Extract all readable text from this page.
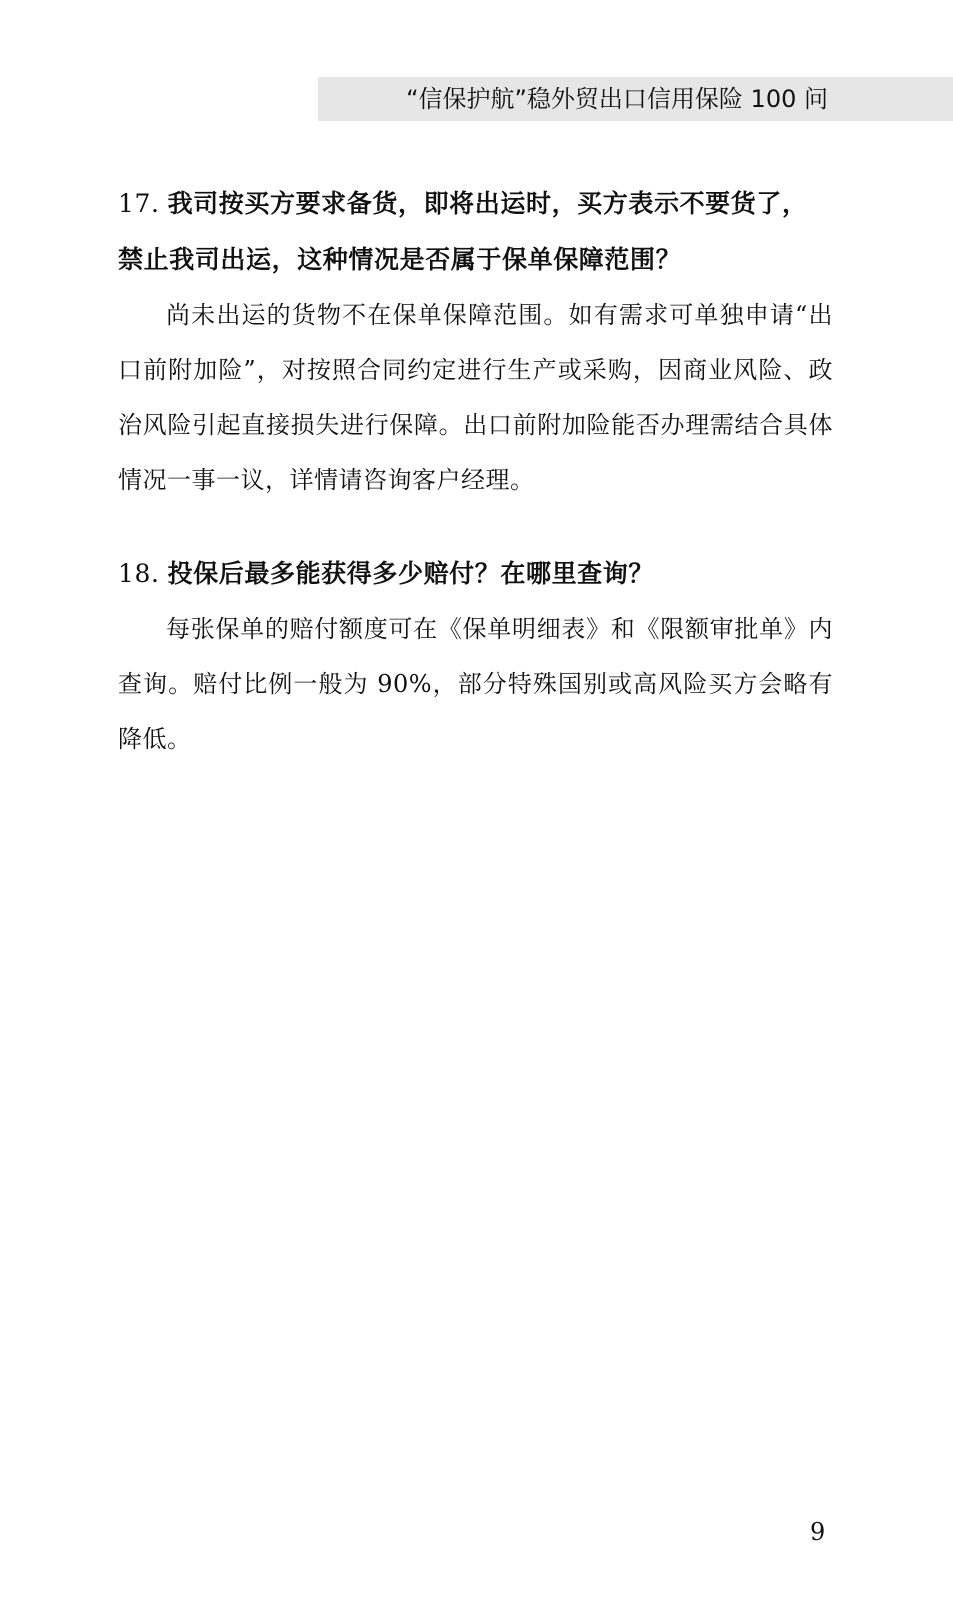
“信保护航”稳外贸出口信用保险 100 问

17. 我司按买方要求备货，即将出运时，买方表示不要货了，禁止我司出运，这种情况是否属于保单保障范围？

尚未出运的货物不在保单保障范围。如有需求可单独申请“出口前附加险”，对按照合同约定进行生产或采购，因商业风险、政治风险引起直接损失进行保障。出口前附加险能否办理需结合具体情况一事一议，详情请咨询客户经理。

18. 投保后最多能获得多少赔付？在哪里查询？

每张保单的赔付额度可在《保单明细表》和《限额审批单》内查询。赔付比例一般为 90%，部分特殊国别或高风险买方会略有降低。

9
